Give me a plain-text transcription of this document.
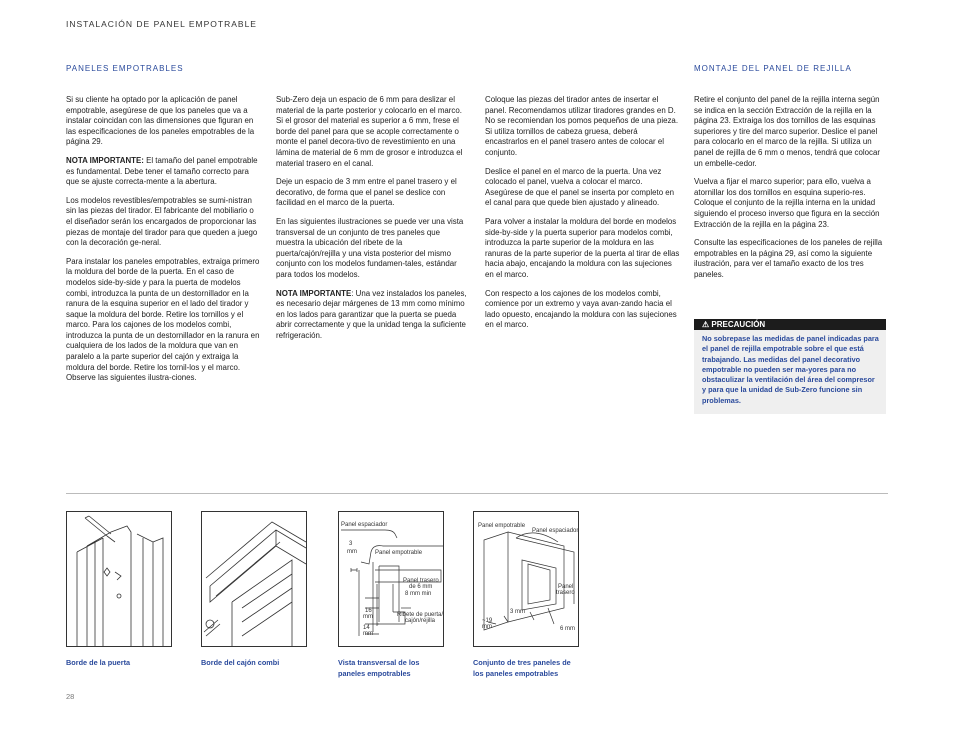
INSTALACIÓN DE PANEL EMPOTRABLE
PANELES EMPOTRABLES	MONTAJE DEL PANEL DE REJILLA

Si su cliente ha optado por la aplicación de panel empotrable, asegúrese de que los paneles que va a instalar coincidan con las dimensiones que figuran en las especificaciones de los paneles empotrables de la página 29.

NOTA IMPORTANTE: El tamaño del panel empotrable es fundamental. Debe tener el tamaño correcto para que se ajuste correcta-mente a la abertura.

Los modelos revestibles/empotrables se sumi-nistran sin las piezas del tirador. El fabricante del mobiliario o el diseñador serán los encargados de proporcionar las piezas de montaje del tirador para que queden a juego con la decoración ge-neral.

Para instalar los paneles empotrables, extraiga primero la moldura del borde de la puerta. En el caso de modelos side-by-side y para la puerta de modelos combi, introduzca la punta de un destornillador en la ranura de la esquina superior en el lado del tirador y saque la moldura del borde. Retire los tornillos y el marco. Para los cajones de los modelos combi, introduzca la punta de un destornillador en la ranura en cualquiera de los lados de la moldura que van en paralelo a la parte superior del cajón y extraiga la moldura del borde. Retire los tornil-los y el marco. Observe las siguientes ilustra-ciones.

Sub-Zero deja un espacio de 6 mm para deslizar el material de la parte posterior y colocarlo en el marco. Si el grosor del material es superior a 6 mm, frese el borde del panel para que se acople correctamente o monte el panel decora-tivo de revestimiento en una lámina de material de 6 mm de grosor e introduzca el material trasero en el canal.

Deje un espacio de 3 mm entre el panel trasero y el decorativo, de forma que el panel se deslice con facilidad en el marco de la puerta.

En las siguientes ilustraciones se puede ver una vista transversal de un conjunto de tres paneles que muestra la ubicación del ribete de la puerta/cajón/rejilla y una vista posterior del mismo conjunto con los modelos fundamen-tales, estándar para todos los modelos.

NOTA IMPORTANTE: Una vez instalados los paneles, es necesario dejar márgenes de 13 mm como mínimo en los lados para garantizar que la puerta se pueda abrir correctamente y que la unidad tenga la suficiente refrigeración.

Coloque las piezas del tirador antes de insertar el panel. Recomendamos utilizar tiradores grandes en D. No se recomiendan los pomos pequeños de una pieza. Si utiliza tornillos de cabeza gruesa, deberá encastrarlos en el panel trasero antes de colocar el conjunto.

Deslice el panel en el marco de la puerta. Una vez colocado el panel, vuelva a colocar el marco. Asegúrese de que el panel se inserta por completo en el canal para que quede bien ajustado y alineado.

Para volver a instalar la moldura del borde en modelos side-by-side y la puerta superior para modelos combi, introduzca la parte superior de la moldura en las ranuras de la parte superior de la puerta al tirar de ellas hacia abajo, encajando la moldura con las sujeciones en el marco.

Con respecto a los cajones de los modelos combi, comience por un extremo y vaya avan-zando hacia el lado opuesto, encajando la moldura con las sujeciones en el marco.

Retire el conjunto del panel de la rejilla interna según se indica en la sección Extracción de la rejilla en la página 23. Extraiga los dos tornillos de las esquinas superiores y tire del marco superior. Deslice el panel para colocarlo en el marco de la rejilla. Si utiliza un panel de rejilla de 6 mm o menos, tendrá que colocar un embelle-cedor.

Vuelva a fijar el marco superior; para ello, vuelva a atornillar los dos tornillos en esquina superio-res. Coloque el conjunto de la rejilla interna en la unidad siguiendo el proceso inverso que figura en la sección Extracción de la rejilla en la página 23.

Consulte las especificaciones de los paneles de rejilla empotrables en la página 29, así como la siguiente ilustración, para ver el tamaño exacto de los tres paneles.

⚠ PRECAUCIÓN
No sobrepase las medidas de panel indicadas para el panel de rejilla empotrable sobre el que está trabajando. Las medidas del panel decorativo empotrable no pueden ser ma-yores para no obstaculizar la ventilación del área del compresor y para que la unidad de Sub-Zero funcione sin problemas.
Panel espaciador
3
mm	Panel empotrable
Panel trasero
de 6 mm
8 mm min
16
mm
14
mm
Ribete de puerta/
cajón/rejilla
Panel empotrable
Panel espaciador
Panel
trasero
3 mm
~19
mm	6 mm
Borde de la puerta	Borde del cajón combi	Vista transversal de los paneles empotrables
Conjunto de tres paneles de los paneles empotrables
28
